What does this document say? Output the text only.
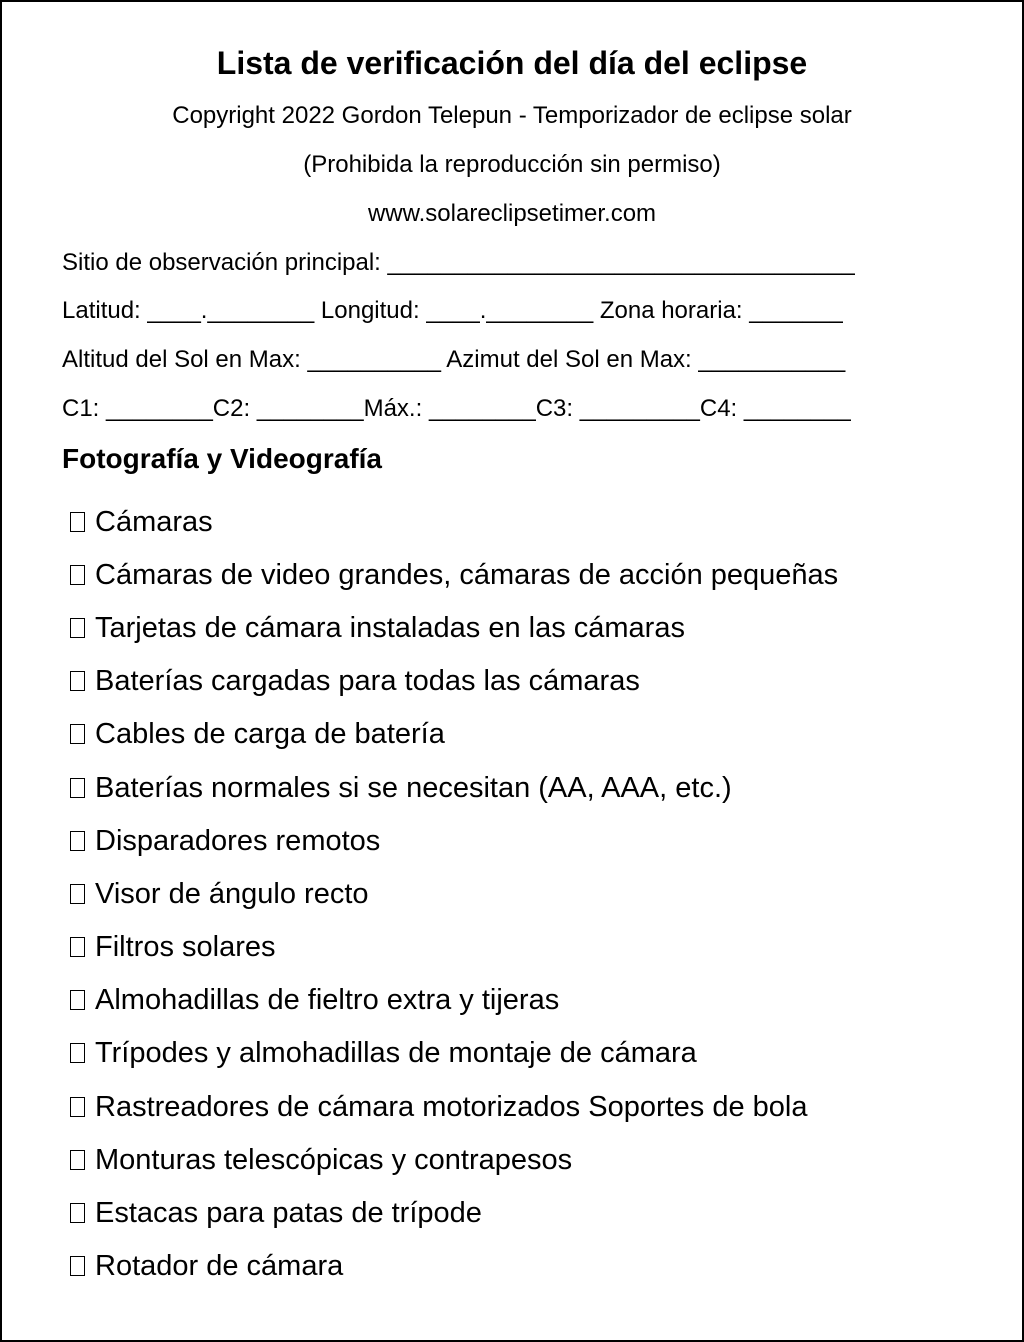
Lista de verificación del día del eclipse
Copyright 2022 Gordon Telepun - Temporizador de eclipse solar
(Prohibida la reproducción sin permiso)
www.solareclipsetimer.com
Sitio de observación principal: ___________________________________
Latitud: ____.________ Longitud: ____.________ Zona horaria: _______
Altitud del Sol en Max: __________ Azimut del Sol en Max: ___________
C1: ________C2: ________Máx.: ________C3: _________C4: ________
Fotografía y Videografía
Cámaras
Cámaras de video grandes, cámaras de acción pequeñas
Tarjetas de cámara instaladas en las cámaras
Baterías cargadas para todas las cámaras
Cables de carga de batería
Baterías normales si se necesitan (AA, AAA, etc.)
Disparadores remotos
Visor de ángulo recto
Filtros solares
Almohadillas de fieltro extra y tijeras
Trípodes y almohadillas de montaje de cámara
Rastreadores de cámara motorizados Soportes de bola
Monturas telescópicas y contrapesos
Estacas para patas de trípode
Rotador de cámara
